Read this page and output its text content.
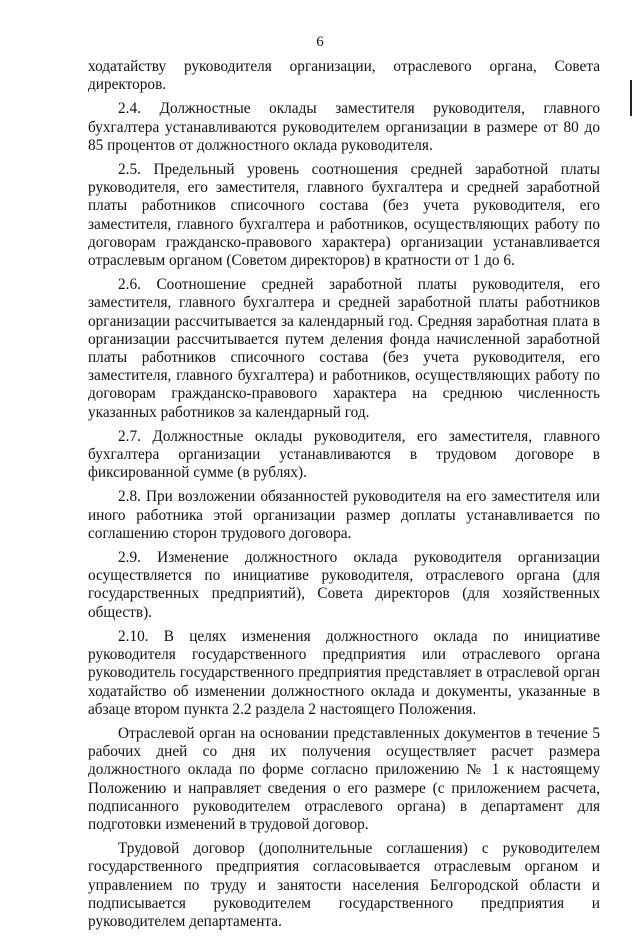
6

ходатайству руководителя организации, отраслевого органа, Совета директоров.

2.4. Должностные оклады заместителя руководителя, главного бухгалтера устанавливаются руководителем организации в размере от 80 до 85 процентов от должностного оклада руководителя.

2.5. Предельный уровень соотношения средней заработной платы руководителя, его заместителя, главного бухгалтера и средней заработной платы работников списочного состава (без учета руководителя, его заместителя, главного бухгалтера и работников, осуществляющих работу по договорам гражданско-правового характера) организации устанавливается отраслевым органом (Советом директоров) в кратности от 1 до 6.

2.6. Соотношение средней заработной платы руководителя, его заместителя, главного бухгалтера и средней заработной платы работников организации рассчитывается за календарный год. Средняя заработная плата в организации рассчитывается путем деления фонда начисленной заработной платы работников списочного состава (без учета руководителя, его заместителя, главного бухгалтера) и работников, осуществляющих работу по договорам гражданско-правового характера на среднюю численность указанных работников за календарный год.

2.7. Должностные оклады руководителя, его заместителя, главного бухгалтера организации устанавливаются в трудовом договоре в фиксированной сумме (в рублях).

2.8. При возложении обязанностей руководителя на его заместителя или иного работника этой организации размер доплаты устанавливается по соглашению сторон трудового договора.

2.9. Изменение должностного оклада руководителя организации осуществляется по инициативе руководителя, отраслевого органа (для государственных предприятий), Совета директоров (для хозяйственных обществ).

2.10. В целях изменения должностного оклада по инициативе руководителя государственного предприятия или отраслевого органа руководитель государственного предприятия представляет в отраслевой орган ходатайство об изменении должностного оклада и документы, указанные в абзаце втором пункта 2.2 раздела 2 настоящего Положения.

Отраслевой орган на основании представленных документов в течение 5 рабочих дней со дня их получения осуществляет расчет размера должностного оклада по форме согласно приложению № 1 к настоящему Положению и направляет сведения о его размере (с приложением расчета, подписанного руководителем отраслевого органа) в департамент для подготовки изменений в трудовой договор.

Трудовой договор (дополнительные соглашения) с руководителем государственного предприятия согласовывается отраслевым органом и управлением по труду и занятости населения Белгородской области и подписывается руководителем государственного предприятия и руководителем департамента.
